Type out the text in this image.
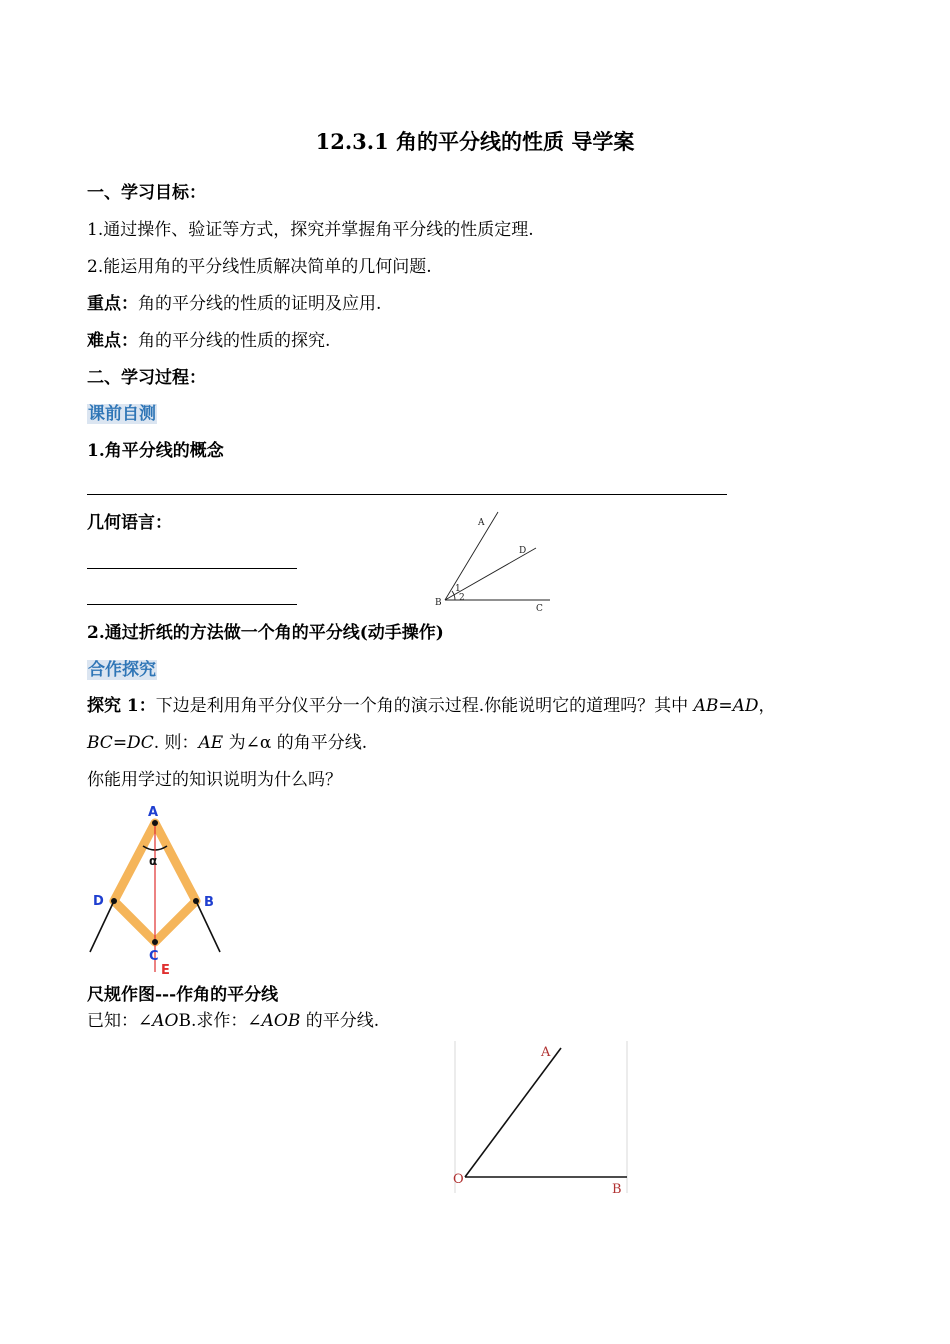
12.3.1 角的平分线的性质 导学案
一、学习目标：
1.通过操作、验证等方式，探究并掌握角平分线的性质定理.
2.能运用角的平分线性质解决简单的几何问题.
重点：角的平分线的性质的证明及应用.
难点：角的平分线的性质的探究.
二、学习过程：
课前自测
1.角平分线的概念
几何语言：	A
D
B
C
1
2
2.通过折纸的方法做一个角的平分线(动手操作)
合作探究
探究 1：下边是利用角平分仪平分一个角的演示过程.你能说明它的道理吗？其中 AB=AD，
BC=DC. 则：AE 为∠α 的角平分线.
你能用学过的知识说明为什么吗？
A
D	B
C
E
α
尺规作图---作角的平分线
已知：∠AOB.求作：∠AOB 的平分线.
A
O
B
